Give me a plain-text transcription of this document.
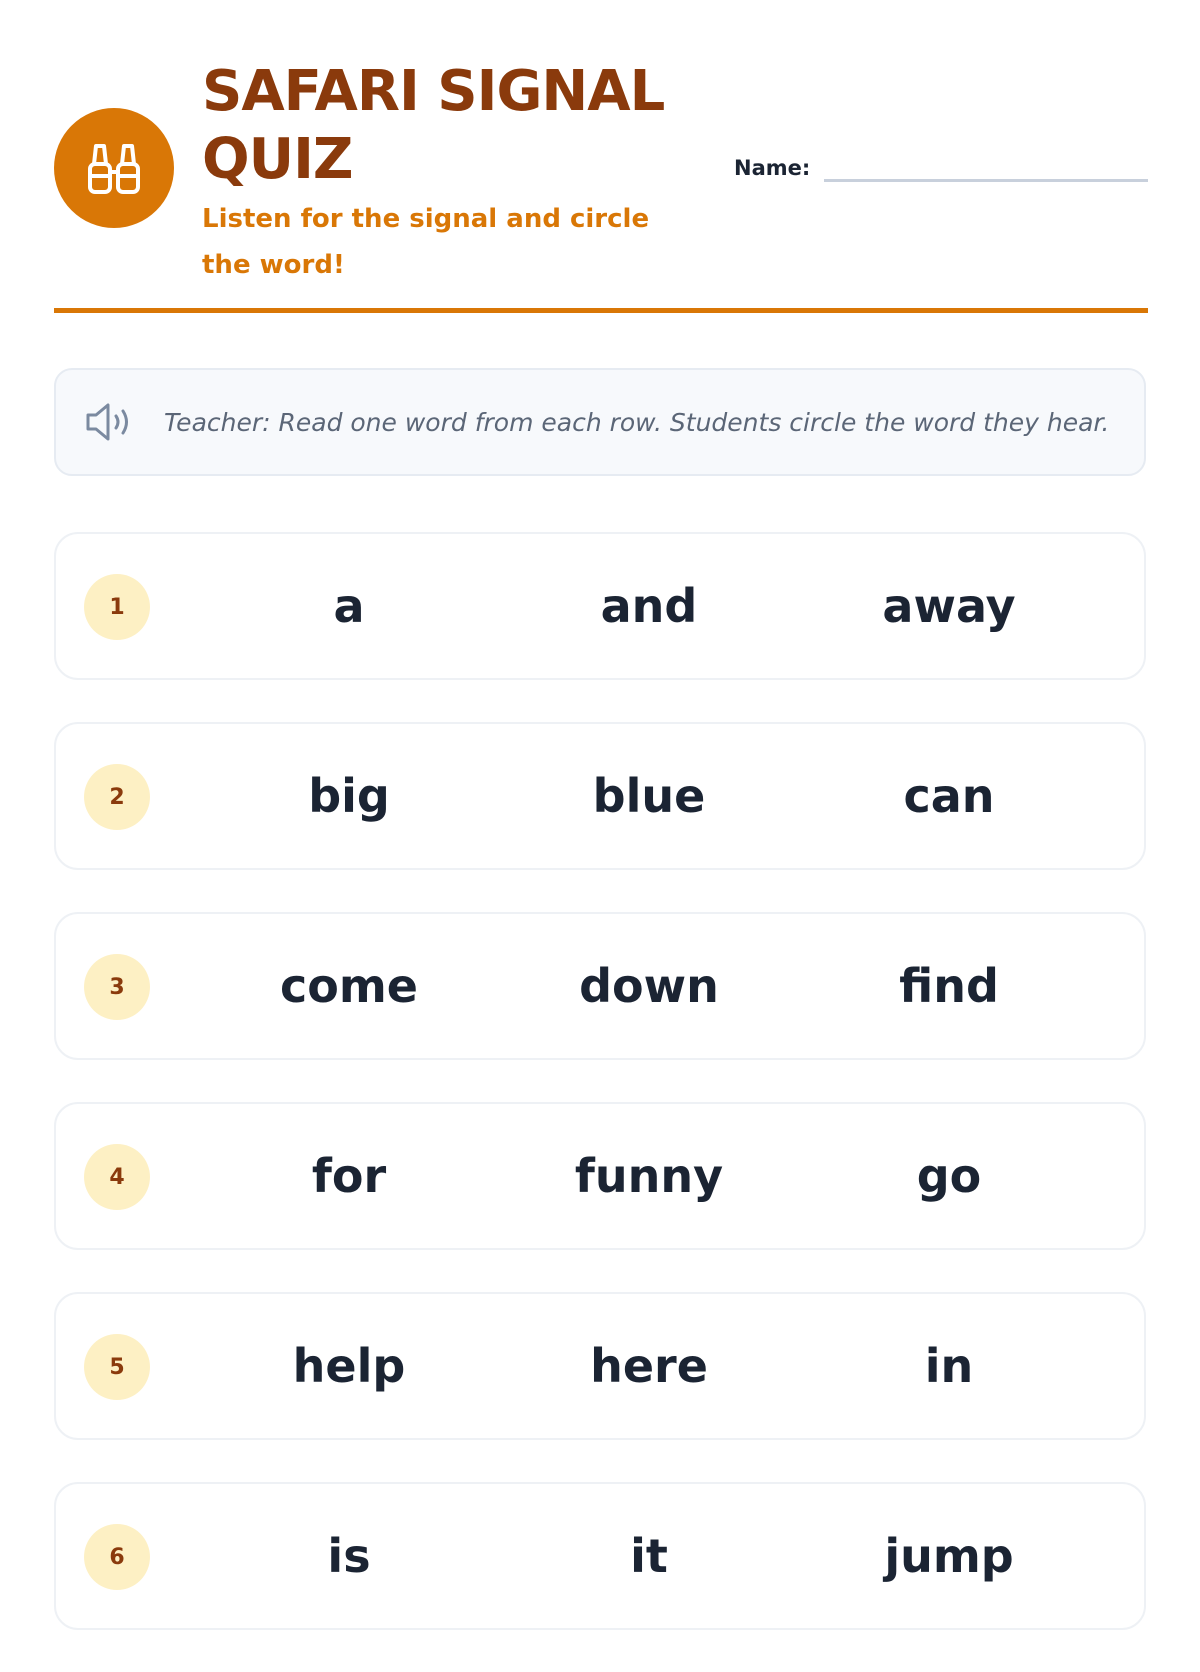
SAFARI SIGNAL QUIZ
Listen for the signal and circle the word!
Name:
Teacher: Read one word from each row. Students circle the word they hear.
1	a	and	away
2	big	blue	can
3	come	down	find
4	for	funny	go
5	help	here	in
6	is	it	jump
